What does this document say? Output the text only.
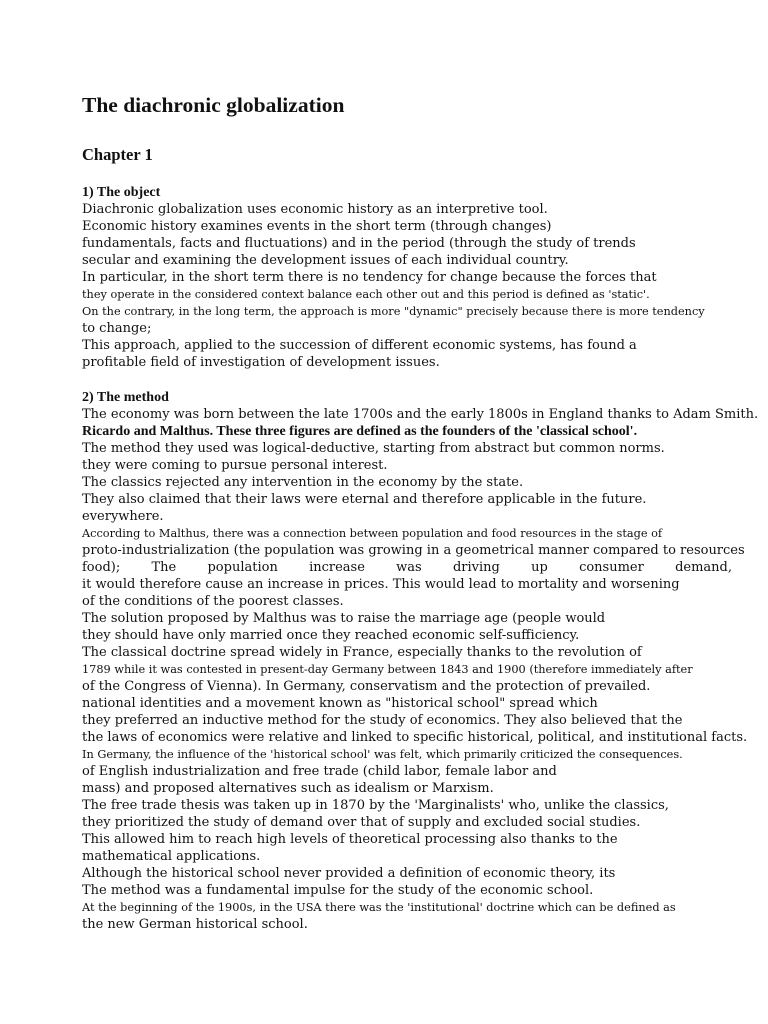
The diachronic globalization
Chapter 1
1) The object
Diachronic globalization uses economic history as an interpretive tool.
Economic history examines events in the short term (through changes)
fundamentals, facts and fluctuations) and in the period (through the study of trends
secular and examining the development issues of each individual country.
In particular, in the short term there is no tendency for change because the forces that
they operate in the considered context balance each other out and this period is defined as 'static'.
On the contrary, in the long term, the approach is more "dynamic" precisely because there is more tendency
to change;
This approach, applied to the succession of different economic systems, has found a
profitable field of investigation of development issues.
2) The method
The economy was born between the late 1700s and the early 1800s in England thanks to Adam Smith.
Ricardo and Malthus. These three figures are defined as the founders of the 'classical school'.
The method they used was logical-deductive, starting from abstract but common norms.
they were coming to pursue personal interest.
The classics rejected any intervention in the economy by the state.
They also claimed that their laws were eternal and therefore applicable in the future.
everywhere.
According to Malthus, there was a connection between population and food resources in the stage of
proto-industrialization (the population was growing in a geometrical manner compared to resources
food); The population increase was driving up consumer demand,
it would therefore cause an increase in prices. This would lead to mortality and worsening
of the conditions of the poorest classes.
The solution proposed by Malthus was to raise the marriage age (people would
they should have only married once they reached economic self-sufficiency.
The classical doctrine spread widely in France, especially thanks to the revolution of
1789 while it was contested in present-day Germany between 1843 and 1900 (therefore immediately after
of the Congress of Vienna). In Germany, conservatism and the protection of prevailed.
national identities and a movement known as "historical school" spread which
they preferred an inductive method for the study of economics. They also believed that the
the laws of economics were relative and linked to specific historical, political, and institutional facts.
In Germany, the influence of the 'historical school' was felt, which primarily criticized the consequences.
of English industrialization and free trade (child labor, female labor and
mass) and proposed alternatives such as idealism or Marxism.
The free trade thesis was taken up in 1870 by the 'Marginalists' who, unlike the classics,
they prioritized the study of demand over that of supply and excluded social studies.
This allowed him to reach high levels of theoretical processing also thanks to the
mathematical applications.
Although the historical school never provided a definition of economic theory, its
The method was a fundamental impulse for the study of the economic school.
At the beginning of the 1900s, in the USA there was the 'institutional' doctrine which can be defined as
the new German historical school.
